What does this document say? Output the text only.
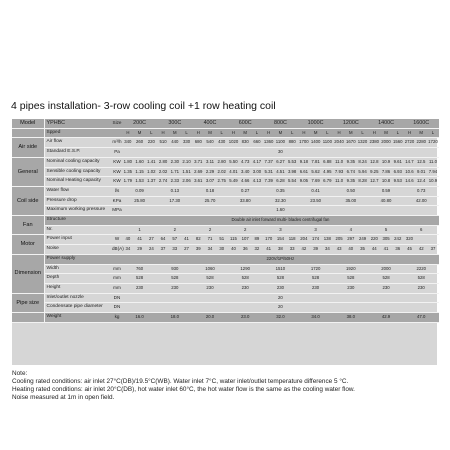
4 pipes installation- 3-row cooling coil +1 row heating coil
Model	YPHBC	Size	200C			300C			400C			600C			800C			1000C			1200C			1400C			1600C		
	Spped		H	M	L	H	M	L	H	M	L	H	M	L	H	M	L	H	M	L	H	M	L	H	M	L	H	M	L
Air side	Air flow	m³/h	340	260	220	510	440	330	680	540	430	1020	830	660	1360	1100	880	1700	1400	1100	2040	1670	1320	2380	2000	1560	2720	2280	1720
	Standard E.S.P.	Pa	30																										
General	Nominal cooling capacity	KW	1.80	1.60	1.41	2.80	2.30	2.10	3.71	3.11	2.80	5.50	4.73	4.17	7.37	6.27	5.53	9.18	7.81	6.88	11.0	9.35	8.24	12.8	10.9	9.61	14.7	12.5	11.0
	Sensible cooling capacity	KW	1.35	1.15	1.02	2.02	1.71	1.51	2.69	2.29	2.02	4.01	3.40	3.00	5.31	4.51	3.98	6.61	5.62	4.95	7.93	6.74	5.94	9.25	7.86	6.93	10.6	9.01	7.94
	Nominal Heating capacity	KW	1.79	1.53	1.37	2.74	2.33	2.06	3.61	3.07	2.75	5.49	4.66	4.13	7.39	6.28	5.54	9.05	7.69	6.79	11.0	9.35	8.28	12.7	10.8	9.53	14.6	12.4	10.9
Coil side	Water flow	l/s	0.09			0.13			0.18			0.27			0.35			0.41			0.50			0.59			0.73		
	Pressure drop	KPa	25.80			17.30			25.70			33.80			32.30			23.50			35.00			40.80			42.00		
	Maximum working pressure	MPa	1.60																										
Fan	Structure		Double air inlet forward multi- blades centrifugal fan																										
	Nr.		1			2			2			2			3			3			4			5			6		
Motor	Power input	W	40	41	27	64	57	41	82	71	51	115	107	89	170	154	118	204	174	138	205	297	249	220	305	242	320		
	Noise	dB(A)	34	29	24	37	33	27	39	34	30	40	36	32	41	38	33	42	39	34	43	40	35	44	41	36	45	42	37
Dimension	Power supply		220V/1P/50Hz																										
	Width	mm	760			930			1060			1290			1510			1720			1920			2000			2220		
	Depth	mm	528			528			528			528			528			528			528			528			528		
	Height	mm	230			230			230			230			230			230			230			230			230		
Pipe size	Inlet/outlet nozzle	DN	20																										
	Condensate pipe diameter	DN	20																										
	Weight	kg	16.0			18.0			20.0			23.0			32.0			34.0			38.0			42.9			47.0		
Note:
Cooling rated conditions: air inlet 27°C(DB)/19.5°C(WB). Water inlet 7°C, water inlet/outlet temperature difference 5 °C.
Heating rated conditions: air inlet 20°C(DB), hot water inlet 60°C, the hot water flow is the same as the cooling water flow.
Noise measured at 1m in open field.
